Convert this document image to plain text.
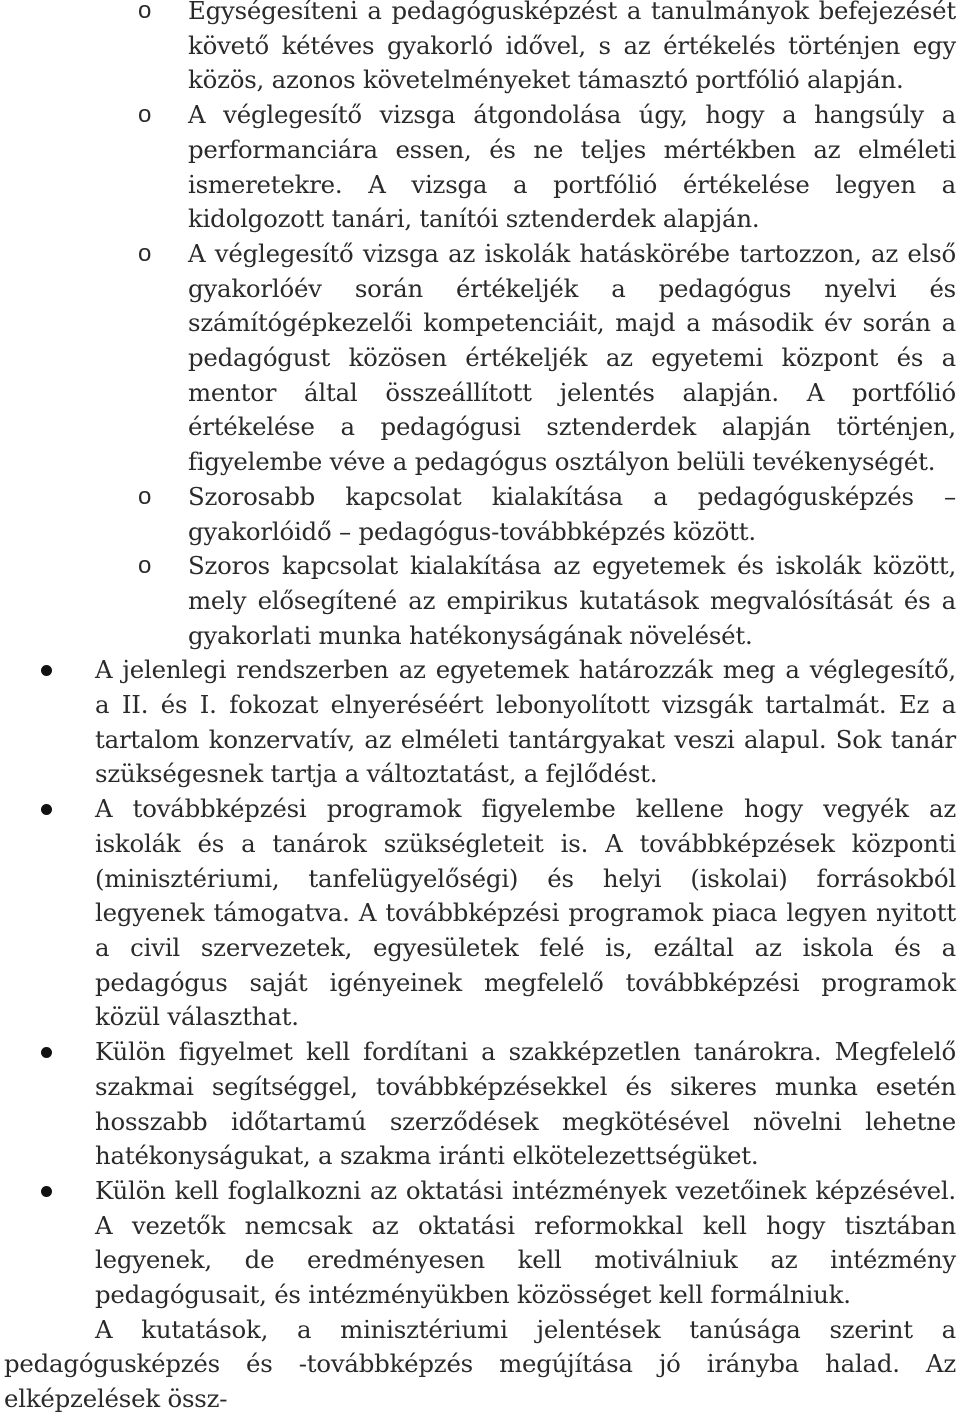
o Egységesíteni a pedagógusképzést a tanulmányok befejezését követő kétéves gyakorló idővel, s az értékelés történjen egy közös, azonos követelményeket támasztó portfólió alapján.
o A véglegesítő vizsga átgondolása úgy, hogy a hangsúly a performanciára essen, és ne teljes mértékben az elméleti ismeretekre. A vizsga a portfólió értékelése legyen a kidolgozott tanári, tanítói sztenderdek alapján.
o A véglegesítő vizsga az iskolák hatáskörébe tartozzon, az első gyakorlóév során értékeljék a pedagógus nyelvi és számítógépkezelői kompetenciáit, majd a második év során a pedagógust közösen értékeljék az egyetemi központ és a mentor által összeállított jelentés alapján. A portfólió értékelése a pedagógusi sztenderdek alapján történjen, figyelembe véve a pedagógus osztályon belüli tevékenységét.
o Szorosabb kapcsolat kialakítása a pedagógusképzés – gyakorlóidő – pedagógus-továbbképzés között.
o Szoros kapcsolat kialakítása az egyetemek és iskolák között, mely elősegítené az empirikus kutatások megvalósítását és a gyakorlati munka hatékonyságának növelését.
A jelenlegi rendszerben az egyetemek határozzák meg a véglegesítő, a II. és I. fokozat elnyeréséért lebonyolított vizsgák tartalmát. Ez a tartalom konzervatív, az elméleti tantárgyakat veszi alapul. Sok tanár szükségesnek tartja a változtatást, a fejlődést.
A továbbképzési programok figyelembe kellene hogy vegyék az iskolák és a tanárok szükségleteit is. A továbbképzések központi (minisztériumi, tanfelügyelőségi) és helyi (iskolai) forrásokból legyenek támogatva. A továbbképzési programok piaca legyen nyitott a civil szervezetek, egyesületek felé is, ezáltal az iskola és a pedagógus saját igényeinek megfelelő továbbképzési programok közül választhat.
Külön figyelmet kell fordítani a szakképzetlen tanárokra. Megfelelő szakmai segítséggel, továbbképzésekkel és sikeres munka esetén hosszabb időtartamú szerződések megkötésével növelni lehetne hatékonyságukat, a szakma iránti elkötelezettségüket.
Külön kell foglalkozni az oktatási intézmények vezetőinek képzésével. A vezetők nemcsak az oktatási reformokkal kell hogy tisztában legyenek, de eredményesen kell motiválniuk az intézmény pedagógusait, és intézményükben közösséget kell formálniuk.
A kutatások, a minisztériumi jelentések tanúsága szerint a pedagógusképzés és -továbbképzés megújítása jó irányba halad. Az elképzelések össz-
